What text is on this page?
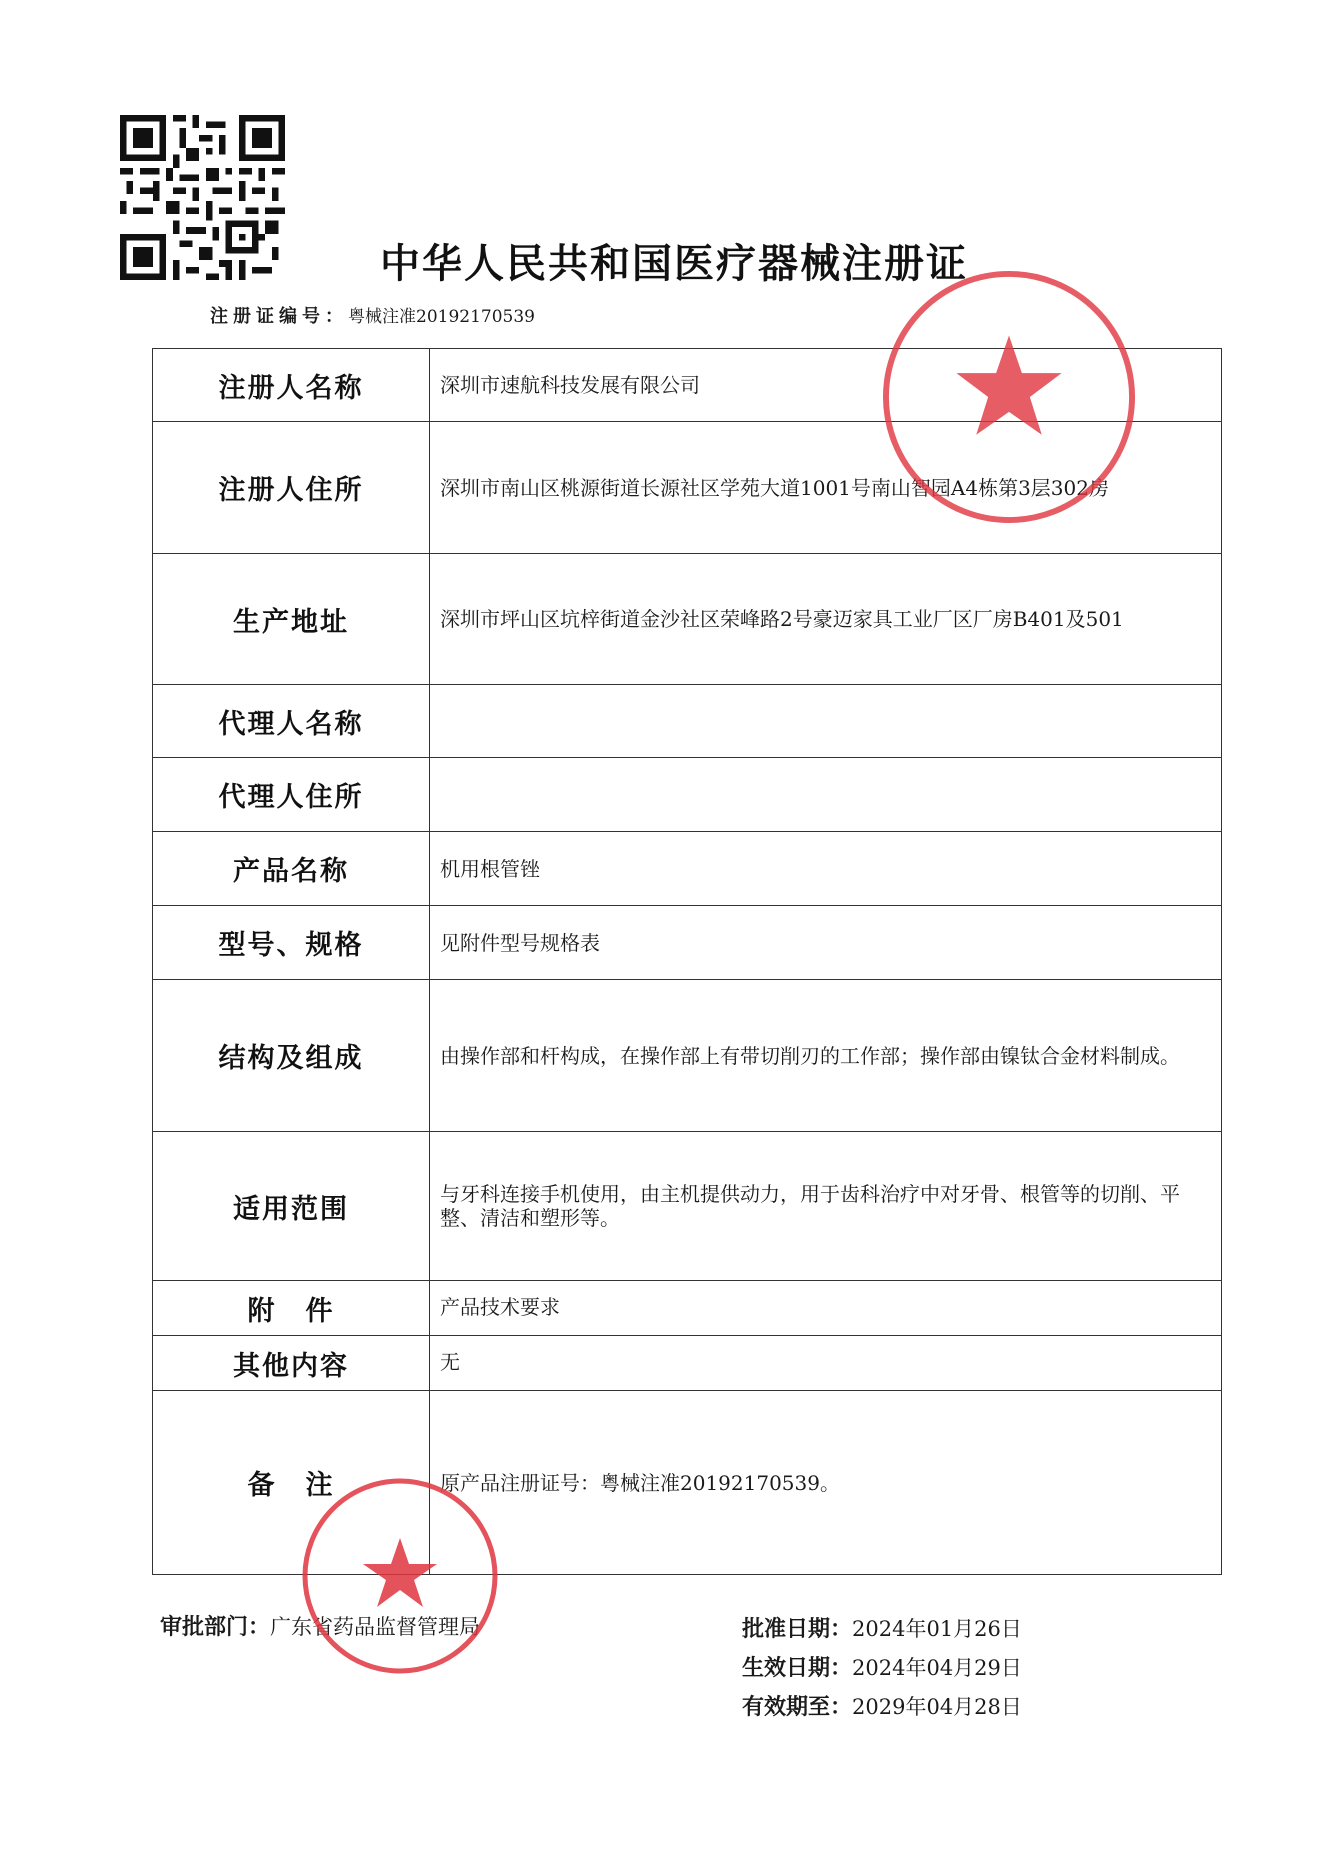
中华人民共和国医疗器械注册证
注册证编号：粤械注准20192170539
注册人名称	深圳市速航科技发展有限公司
注册人住所	深圳市南山区桃源街道长源社区学苑大道1001号南山智园A4栋第3层302房
生产地址	深圳市坪山区坑梓街道金沙社区荣峰路2号豪迈家具工业厂区厂房B401及501
代理人名称	
代理人住所	
产品名称	机用根管锉
型号、规格	见附件型号规格表
结构及组成	由操作部和杆构成，在操作部上有带切削刃的工作部；操作部由镍钛合金材料制成。
适用范围	与牙科连接手机使用，由主机提供动力，用于齿科治疗中对牙骨、根管等的切削、平整、清洁和塑形等。
附　件	产品技术要求
其他内容	无
备　注	原产品注册证号：粤械注准20192170539。
审批部门：广东省药品监督管理局	批准日期：2024年01月26日
生效日期：2024年04月29日
有效期至：2029年04月28日
